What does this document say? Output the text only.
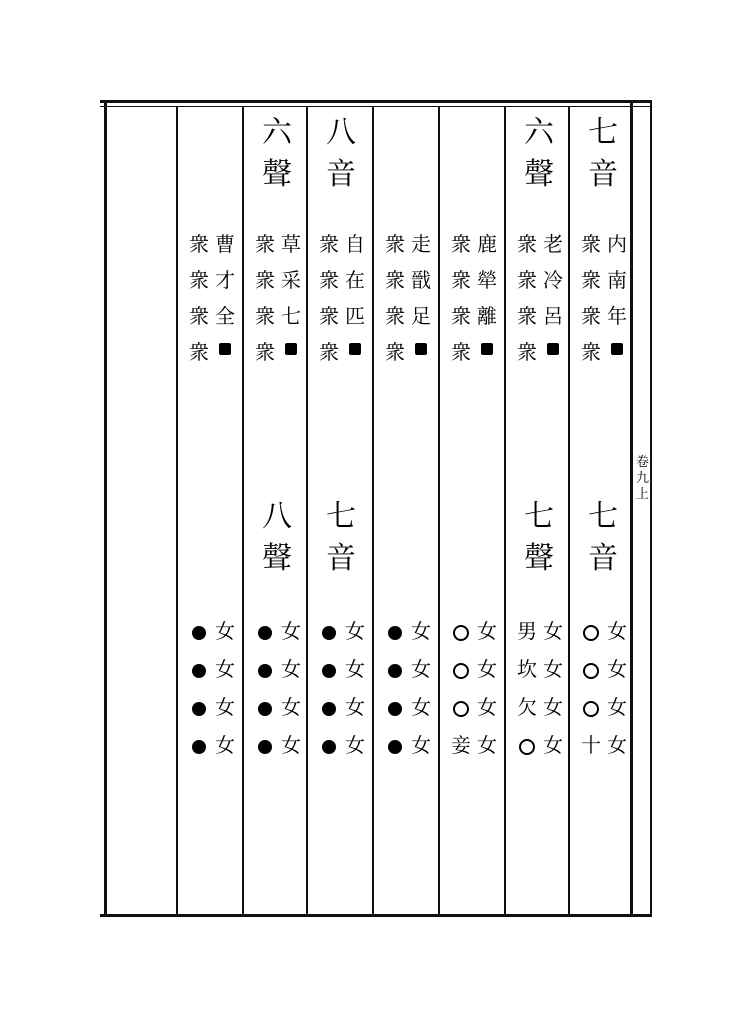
卷
九
上
七
音
内
南
年
衆
衆
衆
衆
七
音
女
女
女
女
十
六
聲
老
冷
呂
衆
衆
衆
衆
七
聲
女
女
女
女
男
坎
欠
鹿
犖
離
衆
衆
衆
衆
女
女
女
女
妾
走
戩
足
衆
衆
衆
衆
女
女
女
女
八
音
自
在
匹
衆
衆
衆
衆
七
音
女
女
女
女
六
聲
草
采
七
衆
衆
衆
衆
八
聲
女
女
女
女
曹
才
全
衆
衆
衆
衆
女
女
女
女
